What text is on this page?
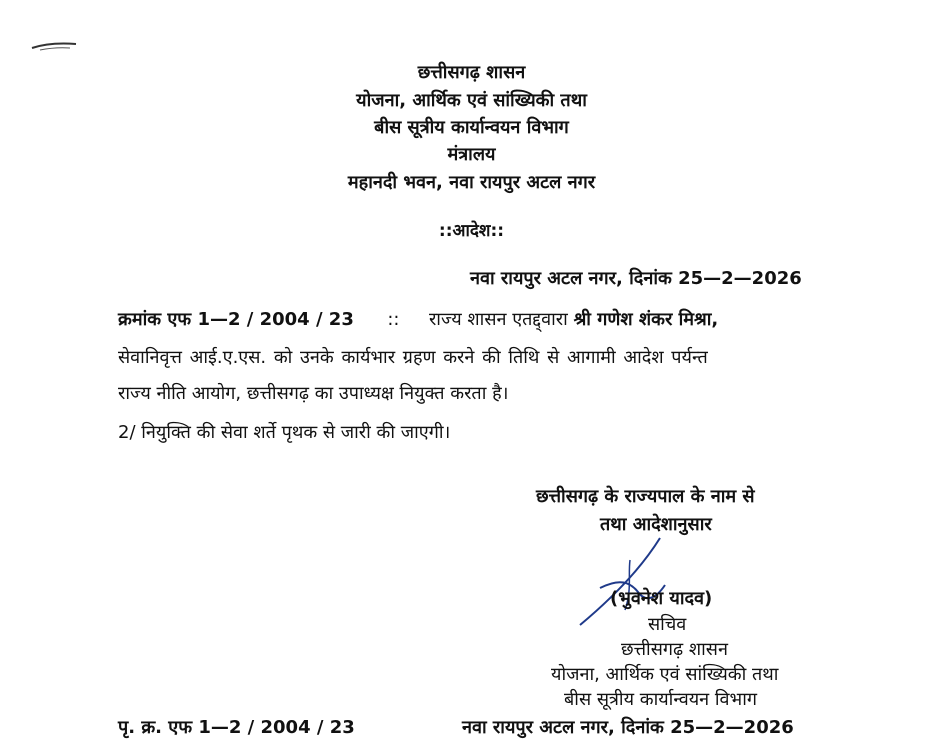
छत्तीसगढ़ शासन
योजना, आर्थिक एवं सांख्यिकी तथा
बीस सूत्रीय कार्यान्वयन विभाग
मंत्रालय
महानदी भवन, नवा रायपुर अटल नगर
::आदेश::
नवा रायपुर अटल नगर, दिनांक 25—2—2026
क्रमांक एफ 1—2 / 2004 / 23 :: राज्य शासन एतद्द्वारा श्री गणेश शंकर मिश्रा,
सेवानिवृत्त आई.ए.एस. को उनके कार्यभार ग्रहण करने की तिथि से आगामी आदेश पर्यन्त
राज्य नीति आयोग, छत्तीसगढ़ का उपाध्यक्ष नियुक्त करता है।
2/ नियुक्ति की सेवा शर्ते पृथक से जारी की जाएगी।
छत्तीसगढ़ के राज्यपाल के नाम से
तथा आदेशानुसार
(भुवनेश यादव)
सचिव
छत्तीसगढ़ शासन
योजना, आर्थिक एवं सांख्यिकी तथा
बीस सूत्रीय कार्यान्वयन विभाग
पृ. क्र. एफ 1—2 / 2004 / 23	नवा रायपुर अटल नगर, दिनांक 25—2—2026
